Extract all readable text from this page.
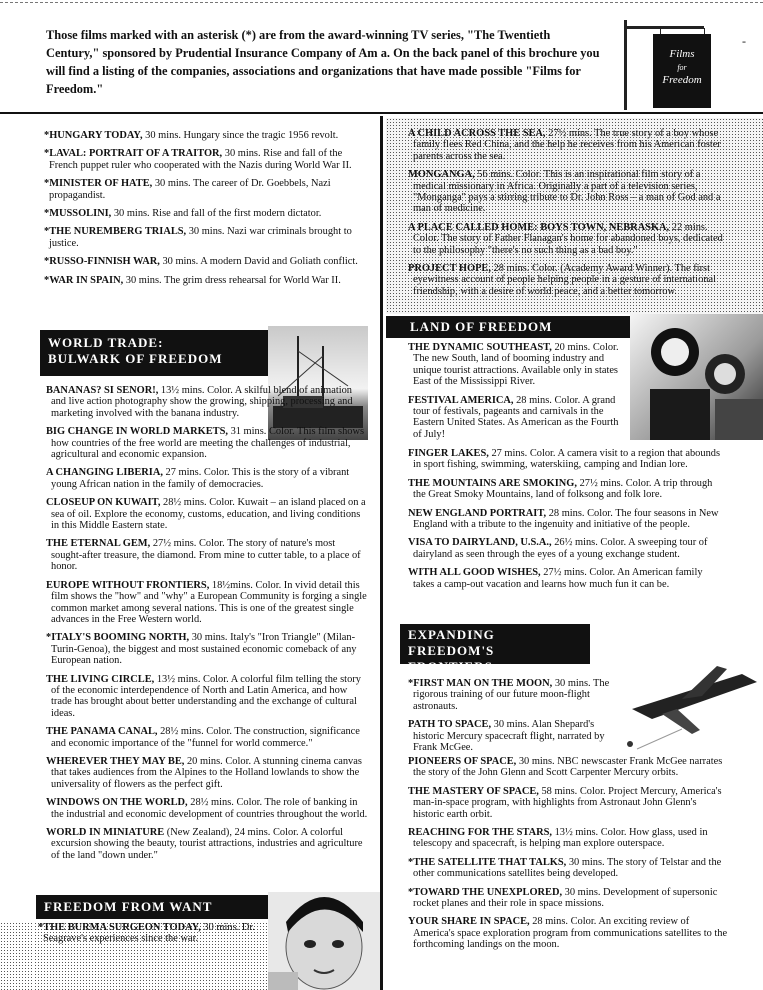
Those films marked with an asterisk (*) are from the award-winning TV series, "The Twentieth Century," sponsored by Prudential Insurance Company of Am a. On the back panel of this brochure you will find a listing of the companies, associations and organizations that have made possible "Films for Freedom."
Films
for
Freedom
-

*HUNGARY TODAY, 30 mins. Hungary since the tragic 1956 revolt.

*LAVAL: PORTRAIT OF A TRAITOR, 30 mins. Rise and fall of the French puppet ruler who cooperated with the Nazis during World War II.

*MINISTER OF HATE, 30 mins. The career of Dr. Goebbels, Nazi propagandist.

*MUSSOLINI, 30 mins. Rise and fall of the first modern dictator.

*THE NUREMBERG TRIALS, 30 mins. Nazi war criminals brought to justice.

*RUSSO-FINNISH WAR, 30 mins. A modern David and Goliath conflict.

*WAR IN SPAIN, 30 mins. The grim dress rehearsal for World War II.

WORLD TRADE:
BULWARK OF FREEDOM

BANANAS? SI SENOR!, 13½ mins. Color. A skilful blend of animation and live action photography show the growing, shipping, processing and marketing involved with the banana industry.

BIG CHANGE IN WORLD MARKETS, 31 mins. Color. This film shows how countries of the free world are meeting the challenges of industrial, agricultural and economic expansion.

A CHANGING LIBERIA, 27 mins. Color. This is the story of a vibrant young African nation in the family of democracies.

CLOSEUP ON KUWAIT, 28½ mins. Color. Kuwait – an island placed on a sea of oil. Explore the economy, customs, education, and living conditions in this Middle Eastern state.

THE ETERNAL GEM, 27½ mins. Color. The story of nature's most sought-after treasure, the diamond. From mine to cutter table, to a place of honor.

EUROPE WITHOUT FRONTIERS, 18½mins. Color. In vivid detail this film shows the "how" and "why" a European Community is forging a single common market among several nations. This is one of the greatest single advances in the Free Western world.

*ITALY'S BOOMING NORTH, 30 mins. Italy's "Iron Triangle" (Milan-Turin-Genoa), the biggest and most sustained economic comeback of any European nation.

THE LIVING CIRCLE, 13½ mins. Color. A colorful film telling the story of the economic interdependence of North and Latin America, and how trade has brought about better understanding and the exchange of cultural ideas.

THE PANAMA CANAL, 28½ mins. Color. The construction, significance and economic importance of the "funnel for world commerce."

WHEREVER THEY MAY BE, 20 mins. Color. A stunning cinema canvas that takes audiences from the Alpines to the Holland lowlands to show the universality of flowers as the perfect gift.

WINDOWS ON THE WORLD, 28½ mins. Color. The role of banking in the industrial and economic development of countries throughout the world.

WORLD IN MINIATURE (New Zealand), 24 mins. Color. A colorful excursion showing the beauty, tourist attractions, industries and agriculture of the land "down under."

FREEDOM FROM WANT

*THE BURMA SURGEON TODAY, 30 mins. Dr. Seagrave's experiences since the war.

A CHILD ACROSS THE SEA, 27½ mins. The true story of a boy whose family flees Red China, and the help he receives from his American foster parents across the sea.

MONGANGA, 56 mins. Color. This is an inspirational film story of a medical missionary in Africa. Originally a part of a television series, "Monganga" pays a stirring tribute to Dr. John Ross – a man of God and a man of medicine.

A PLACE CALLED HOME: BOYS TOWN, NEBRASKA, 22 mins. Color. The story of Father Flanagan's home for abandoned boys, dedicated to the philosophy "there's no such thing as a bad boy."

PROJECT HOPE, 28 mins. Color. (Academy Award Winner). The first eyewitness account of people helping people in a gesture of international friendship, with a desire of world peace, and a better tomorrow.

LAND OF FREEDOM

THE DYNAMIC SOUTHEAST, 20 mins. Color. The new South, land of booming industry and unique tourist attractions. Available only in states East of the Mississippi River.

FESTIVAL AMERICA, 28 mins. Color. A grand tour of festivals, pageants and carnivals in the Eastern United States. As American as the Fourth of July!

FINGER LAKES, 27 mins. Color. A camera visit to a region that abounds in sport fishing, swimming, waterskiing, camping and Indian lore.

THE MOUNTAINS ARE SMOKING, 27½ mins. Color. A trip through the Great Smoky Mountains, land of folksong and folk lore.

NEW ENGLAND PORTRAIT, 28 mins. Color. The four seasons in New England with a tribute to the ingenuity and initiative of the people.

VISA TO DAIRYLAND, U.S.A., 26½ mins. Color. A sweeping tour of dairyland as seen through the eyes of a young exchange student.

WITH ALL GOOD WISHES, 27½ mins. Color. An American family takes a camp-out vacation and learns how much fun it can be.

EXPANDING
FREEDOM'S FRONTIERS

*FIRST MAN ON THE MOON, 30 mins. The rigorous training of our future moon-flight astronauts.

PATH TO SPACE, 30 mins. Alan Shepard's historic Mercury spacecraft flight, narrated by Frank McGee.

PIONEERS OF SPACE, 30 mins. NBC newscaster Frank McGee narrates the story of the John Glenn and Scott Carpenter Mercury orbits.

THE MASTERY OF SPACE, 58 mins. Color. Project Mercury, America's man-in-space program, with highlights from Astronaut John Glenn's historic earth orbit.

REACHING FOR THE STARS, 13½ mins. Color. How glass, used in telescopy and spacecraft, is helping man explore outerspace.

*THE SATELLITE THAT TALKS, 30 mins. The story of Telstar and the other communications satellites being developed.

*TOWARD THE UNEXPLORED, 30 mins. Development of supersonic rocket planes and their role in space missions.

YOUR SHARE IN SPACE, 28 mins. Color. An exciting review of America's space exploration program from communications satellites to the forthcoming landings on the moon.
